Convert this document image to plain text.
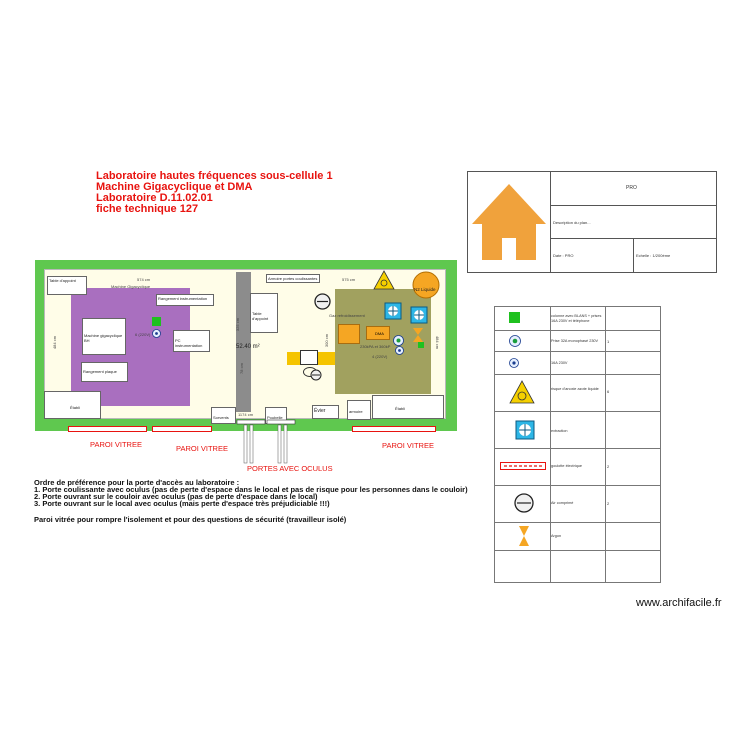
Laboratoire hautes fréquences sous-cellule 1
Machine Gigacyclique et DMA
Laboratoire D.11.02.01
fiche technique 127
PRO
Description du plan...
Date : PRO	Echelle : 1/200ème
574 cm	575 cm
484 cm	484 cm
1174 cm
325 cm
78 cm
300 cm
52.40 m²
Table d'appoint
Machine Gigacyclique
Rangement instrumentation
Machine gigacyclique BH	PC instrumentation
Rangement plaque
Armoire portes coulissantes
Table d'appoint
Gaz refroidissement
DMA
230kPA et 360kP
4 (220V)
6 (220V)
Établi
Sorvents	Poubelle
Évier	armoire
Établi
N2 Liquide
PAROI VITREE	PAROI VITREE	PAROI VITREE
PORTES AVEC OCULUS
Ordre de préférence pour la porte d'accès au laboratoire :
1. Porte coulissante avec oculus (pas de perte d'espace dans le local et pas de risque pour les personnes dans le couloir)
2. Porte ouvrant sur le couloir avec oculus (pas de perte d'espace dans le local)
3. Porte ouvrant sur le local avec oculus (mais perte d'espace très préjudiciable !!!)
Paroi vitrée pour rompre l'isolement et pour des questions de sécurité (travailleur isolé)
colonne avec BLANS + prises 16A 230V et téléphone
Prise 32A monophasé 230V	1
16A 230V
risque d'anoxie azote liquide	6
extraction
goulotte électrique	2
Air comprimé	2
Argon
www.archifacile.fr
